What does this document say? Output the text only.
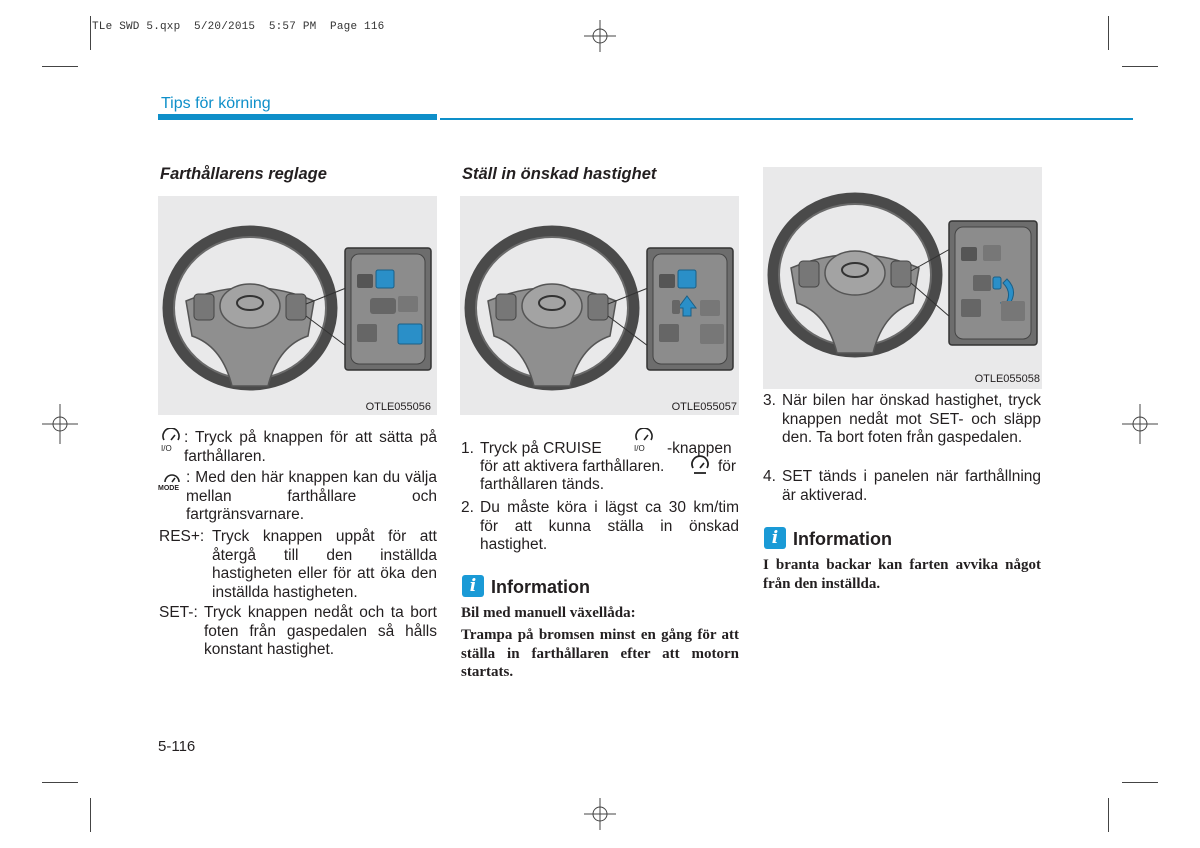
TLe SWD 5.qxp  5/20/2015  5:57 PM  Page 116
Tips för körning
Farthållarens reglage
OTLE055056
I/O
: Tryck på knappen för att sätta på farthållaren.
MODE
: Med den här knappen kan du välja mellan farthållare och fartgränsvarnare.
RES+: Tryck knappen uppåt för att återgå till den inställda hastigheten eller för att öka den inställda hastigheten.
SET-: Tryck knappen nedåt och ta bort foten från gaspedalen så hålls konstant hastighet.
Ställ in önskad hastighet
OTLE055057
1. Tryck på CRUISE	I/O -knappen
för att aktivera farthållaren.	för
farthållaren tänds.
2. Du måste köra i lägst ca 30 km/tim för att kunna ställa in önskad hastighet.
i Information
Bil med manuell växellåda:
Trampa på bromsen minst en gång för att ställa in farthållaren efter att motorn startats.
OTLE055058
3. När bilen har önskad hastighet, tryck knappen nedåt mot SET- och släpp den. Ta bort foten från gaspedalen.
4. SET tänds i panelen när farthållning är aktiverad.
i Information
I branta backar kan farten avvika något från den inställda.
5-116
